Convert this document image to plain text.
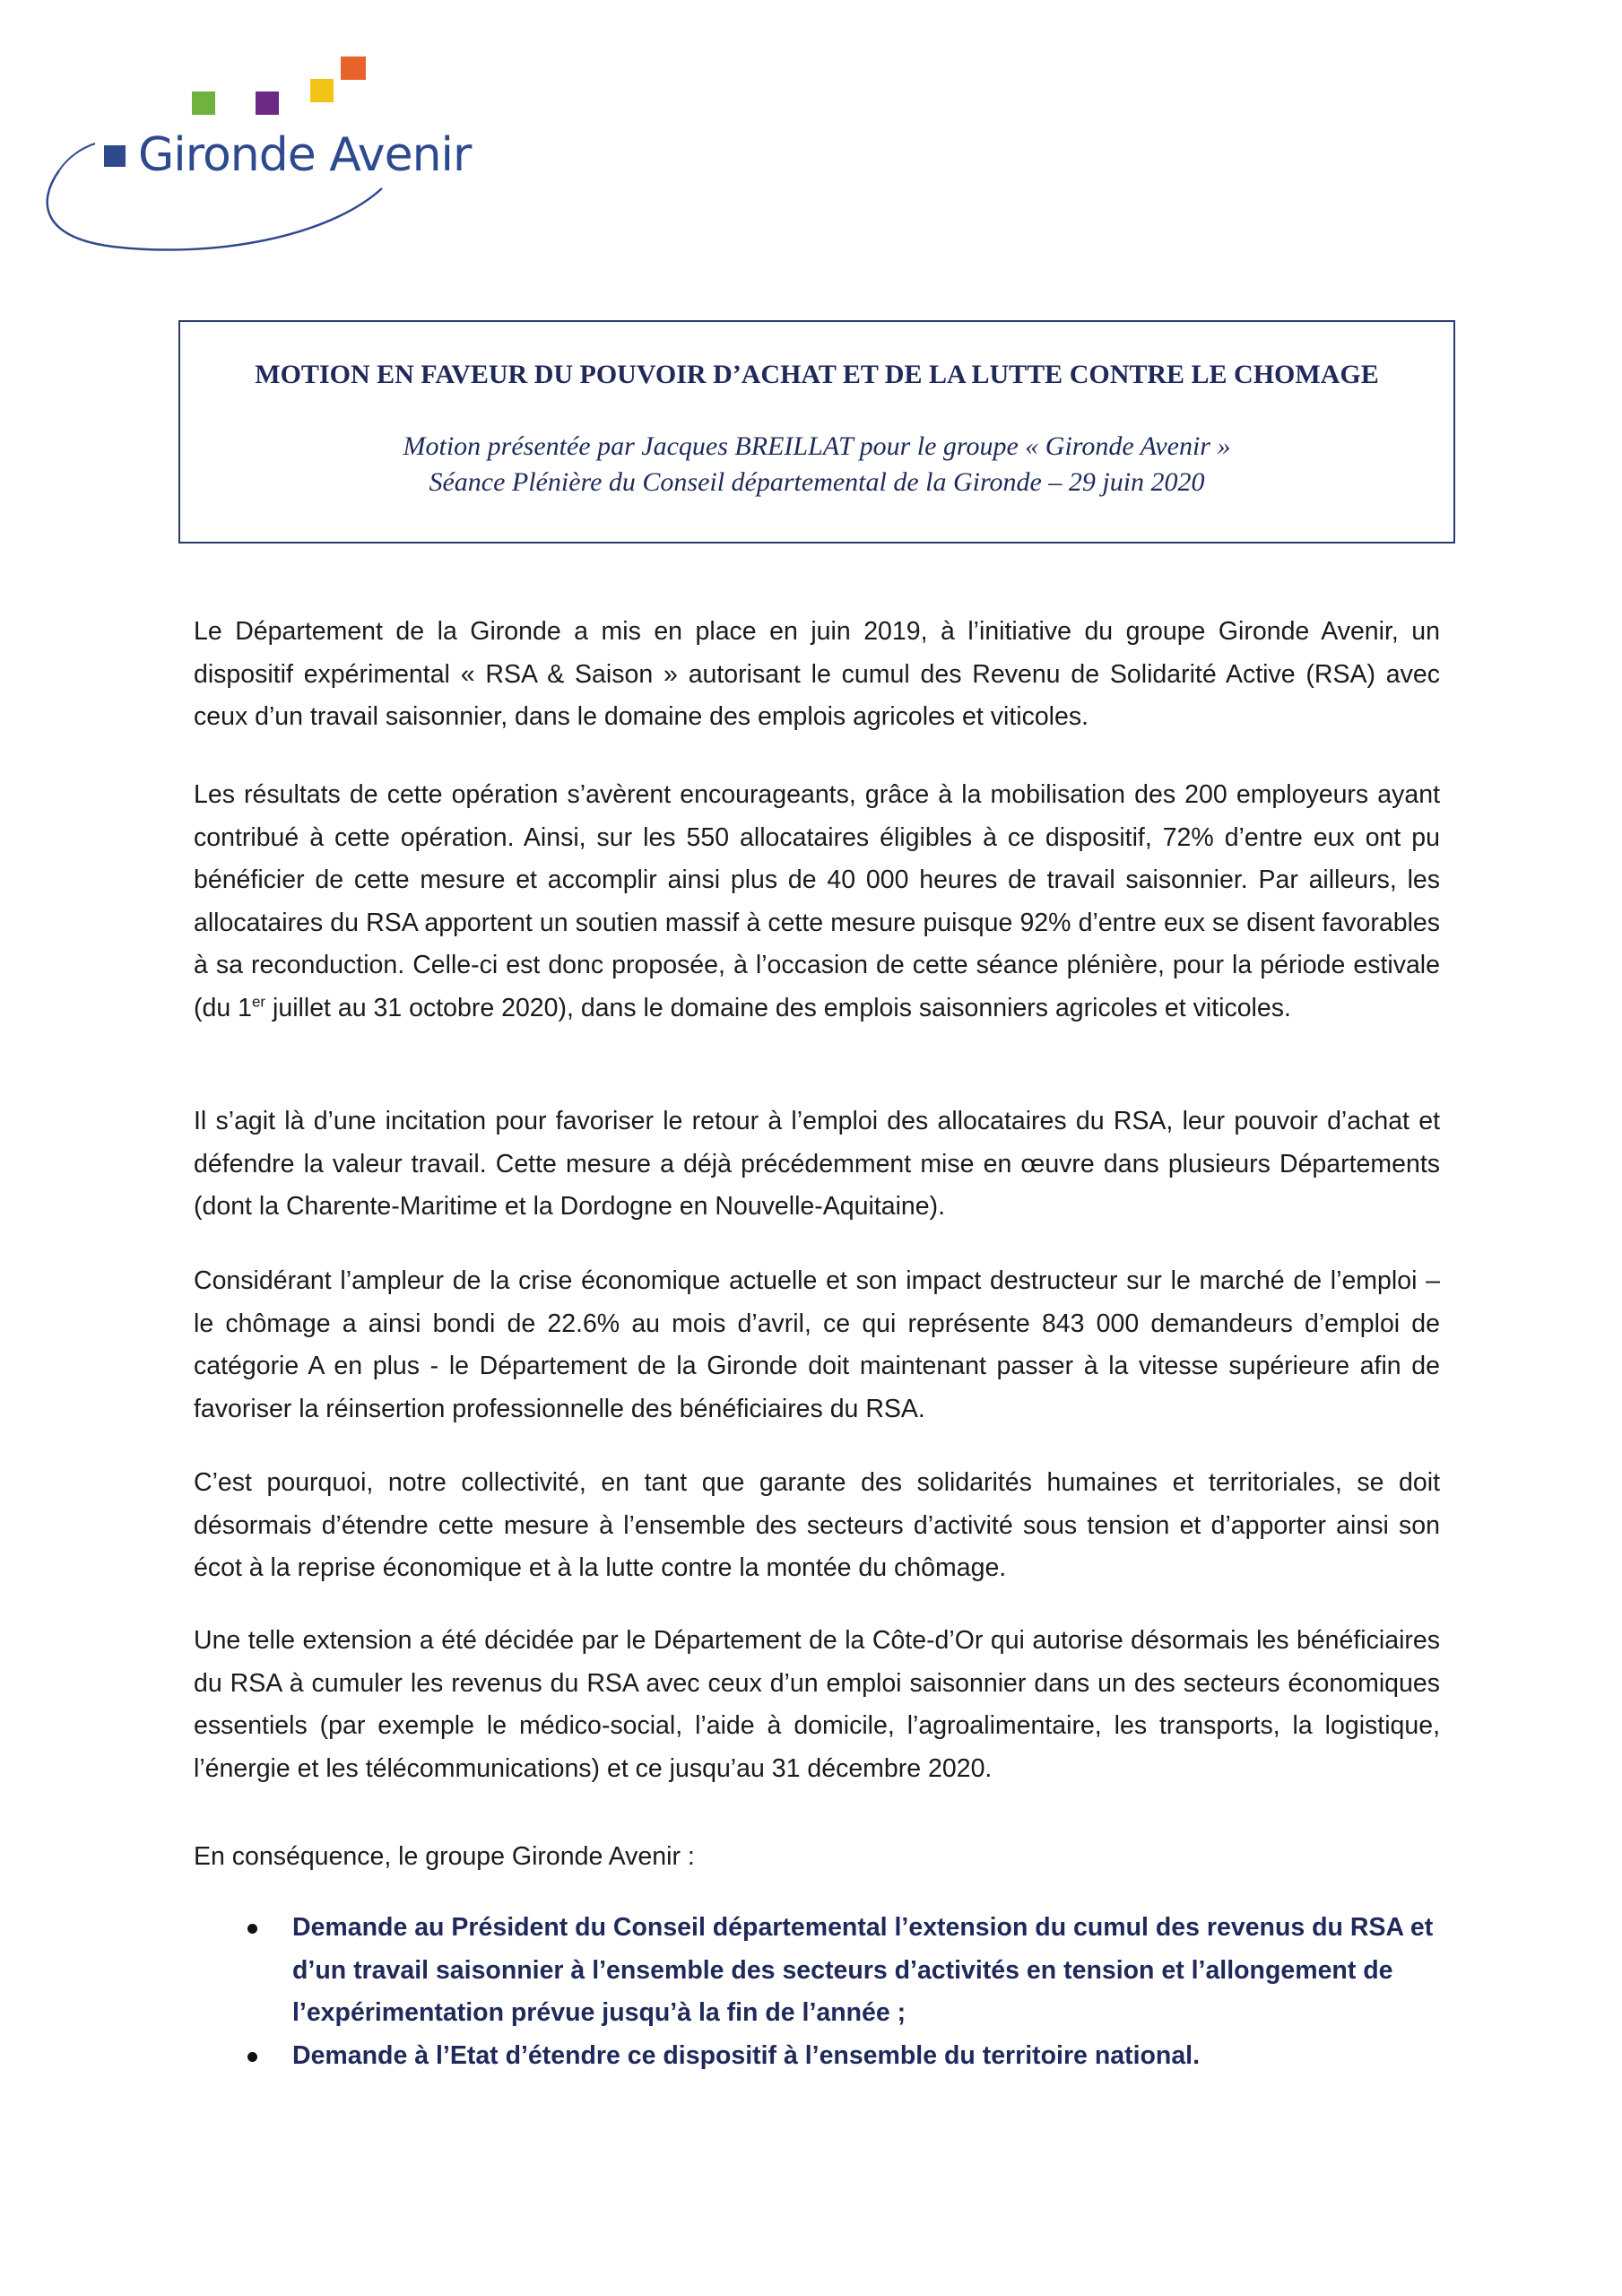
Gironde Avenir
MOTION EN FAVEUR DU POUVOIR D’ACHAT ET DE LA LUTTE CONTRE LE CHOMAGE
Motion présentée par Jacques BREILLAT pour le groupe « Gironde Avenir »
Séance Plénière du Conseil départemental de la Gironde – 29 juin 2020

Le Département de la Gironde a mis en place en juin 2019, à l’initiative du groupe Gironde Avenir, un dispositif expérimental « RSA & Saison » autorisant le cumul des Revenu de Solidarité Active (RSA) avec ceux d’un travail saisonnier, dans le domaine des emplois agricoles et viticoles.

Les résultats de cette opération s’avèrent encourageants, grâce à la mobilisation des 200 employeurs ayant contribué à cette opération. Ainsi, sur les 550 allocataires éligibles à ce dispositif, 72% d’entre eux ont pu bénéficier de cette mesure et accomplir ainsi plus de 40 000 heures de travail saisonnier. Par ailleurs, les allocataires du RSA apportent un soutien massif à cette mesure puisque 92% d’entre eux se disent favorables à sa reconduction. Celle-ci est donc proposée, à l’occasion de cette séance plénière, pour la période estivale (du 1er juillet au 31 octobre 2020), dans le domaine des emplois saisonniers agricoles et viticoles.

Il s’agit là d’une incitation pour favoriser le retour à l’emploi des allocataires du RSA, leur pouvoir d’achat et défendre la valeur travail. Cette mesure a déjà précédemment mise en œuvre dans plusieurs Départements (dont la Charente-Maritime et la Dordogne en Nouvelle-Aquitaine).

Considérant l’ampleur de la crise économique actuelle et son impact destructeur sur le marché de l’emploi – le chômage a ainsi bondi de 22.6% au mois d’avril, ce qui représente 843 000 demandeurs d’emploi de catégorie A en plus - le Département de la Gironde doit maintenant passer à la vitesse supérieure afin de favoriser la réinsertion professionnelle des bénéficiaires du RSA.

C’est pourquoi, notre collectivité, en tant que garante des solidarités humaines et territoriales, se doit désormais d’étendre cette mesure à l’ensemble des secteurs d’activité sous tension et d’apporter ainsi son écot à la reprise économique et à la lutte contre la montée du chômage.

Une telle extension a été décidée par le Département de la Côte-d’Or qui autorise désormais les bénéficiaires du RSA à cumuler les revenus du RSA avec ceux d’un emploi saisonnier dans un des secteurs économiques essentiels (par exemple le médico-social, l’aide à domicile, l’agroalimentaire, les transports, la logistique, l’énergie et les télécommunications) et ce jusqu’au 31 décembre 2020.

En conséquence, le groupe Gironde Avenir :

Demande au Président du Conseil départemental l’extension du cumul des revenus du RSA et d’un travail saisonnier à l’ensemble des secteurs d’activités en tension et l’allongement de l’expérimentation prévue jusqu’à la fin de l’année ;
Demande à l’Etat d’étendre ce dispositif à l’ensemble du territoire national.
